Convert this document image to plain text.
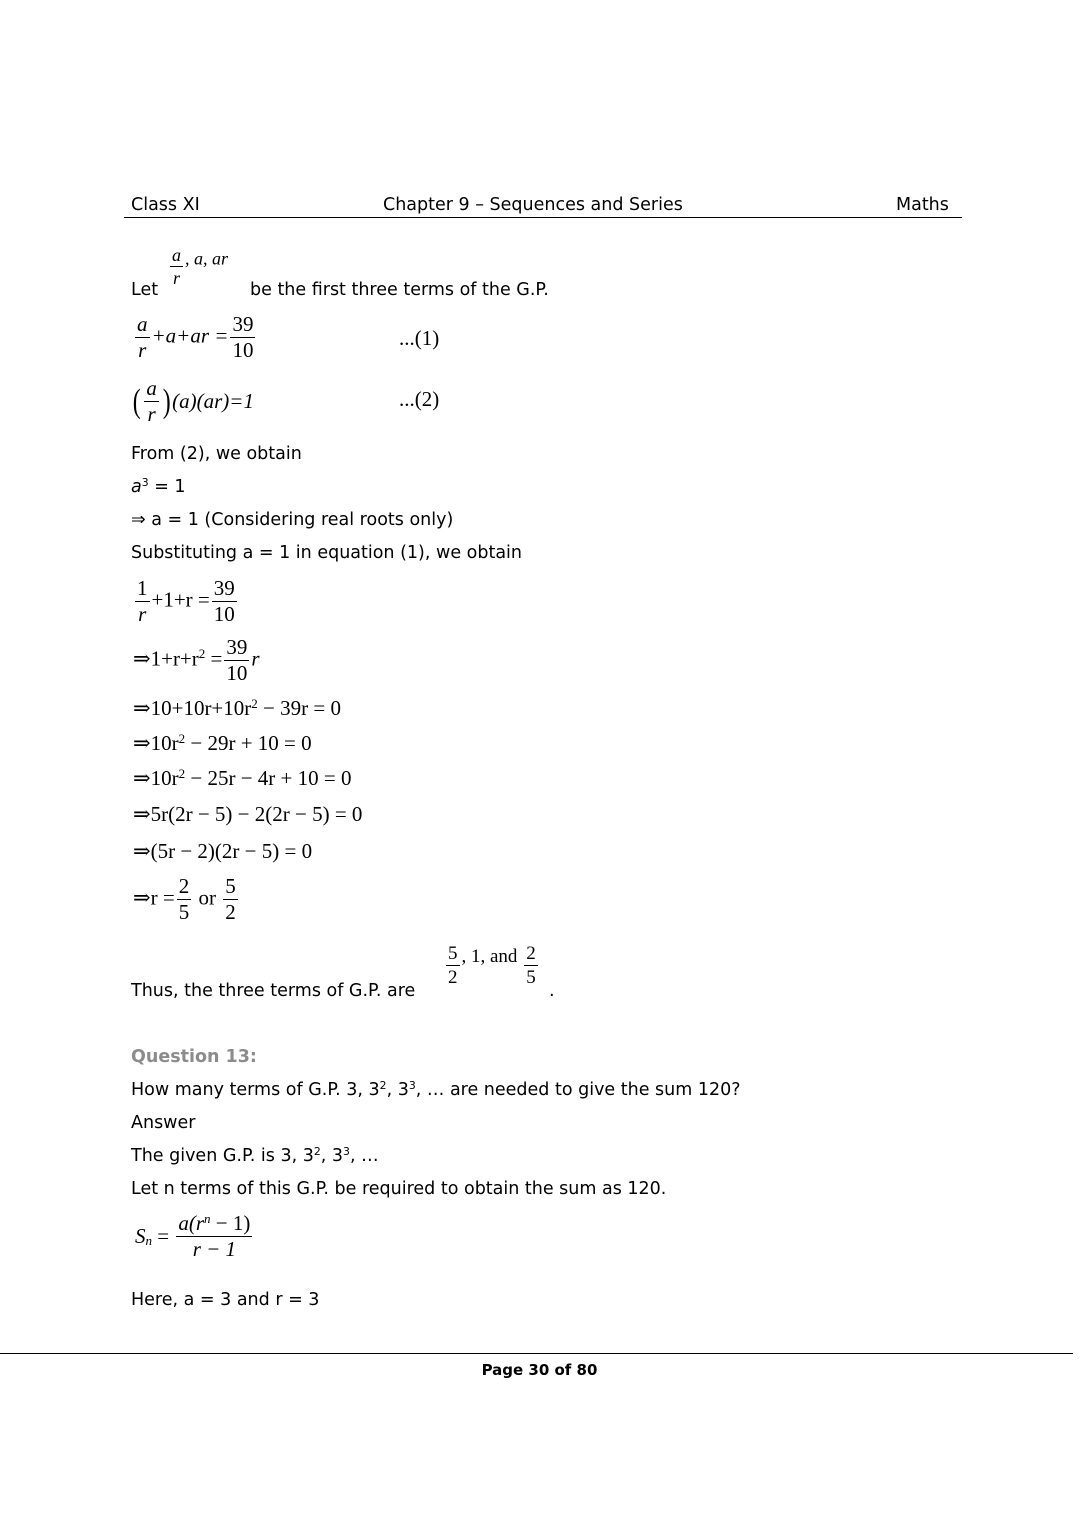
Class XI	Chapter 9 – Sequences and Series	Maths
Let
$\frac{a}{r}$ , a, ar
be the first three terms of the G.P.
$\frac{a}{r} +a+ar = \frac{39}{10}$	...(1)
( $\frac{a}{r} )(a)(ar)=1$	...(2)
From (2), we obtain
$a^3 = 1$
⇒ a = 1 (Considering real roots only)
Substituting a = 1 in equation (1), we obtain
$\frac{1}{r} +1+r = \frac{39}{10}$
$\Rightarrow 1+r+r^2 = \frac{39}{10}$ r
$\Rightarrow 10+10r+10r^2 - 39r = 0$
$\Rightarrow 10r^2 - 29r + 10 = 0$
$\Rightarrow 10r^2 - 25r - 4r + 10 = 0$
⇒5r(2r − 5) − 2(2r − 5) = 0
⇒(5r − 2)(2r − 5) = 0
⇒r = $\frac{2}{5}$ or $\frac{5}{2}$
Thus, the three terms of G.P. are
$\frac{5}{2}$ , 1, and $\frac{2}{5}$
.
Question 13:
How many terms of G.P. 3, $3^2$, $3^3$, … are needed to give the sum 120?
Answer
The given G.P. is 3, $3^2$, $3^3$, …
Let n terms of this G.P. be required to obtain the sum as 120.
$S_n = \frac{a(r^n - 1)}{r - 1}$
Here, a = 3 and r = 3
Page 30 of 80
